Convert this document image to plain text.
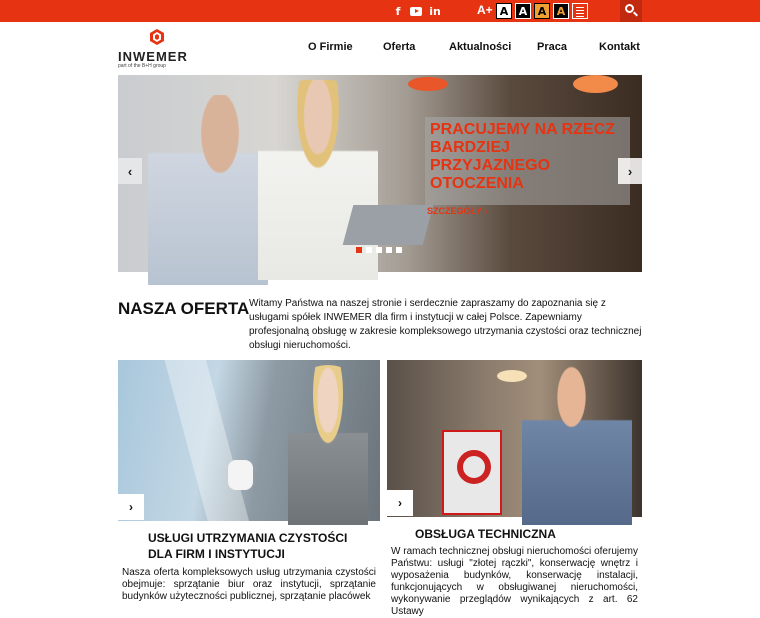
f	in	A+ A A A A
INWEMER
part of the B+H group
O Firmie	Oferta	Aktualności Praca	Kontakt
PRACUJEMY NA RZECZ BARDZIEJ PRZYJAZNEGO OTOCZENIA
SZCZEGÓŁY ›
‹	›
NASZA OFERTA Witamy Państwa na naszej stronie i serdecznie zapraszamy do zapoznania się z usługami spółek INWEMER dla firm i instytucji w całej Polsce. Zapewniamy profesjonalną obsługę w zakresie kompleksowego utrzymania czystości oraz technicznej obsługi nieruchomości.
›
USŁUGI UTRZYMANIA CZYSTOŚCI DLA FIRM I INSTYTUCJI
Nasza oferta kompleksowych usług utrzymania czystości obejmuje: sprzątanie biur oraz instytucji, sprzątanie budynków użyteczności publicznej, sprzątanie placówek
›
OBSŁUGA TECHNICZNA
W ramach technicznej obsługi nieruchomości oferujemy Państwu: usługi "złotej rączki", konserwację wnętrz i wyposażenia budynków, konserwację instalacji, funkcjonujących w obsługiwanej nieruchomości, wykonywanie przeglądów wynikających z art. 62 Ustawy
